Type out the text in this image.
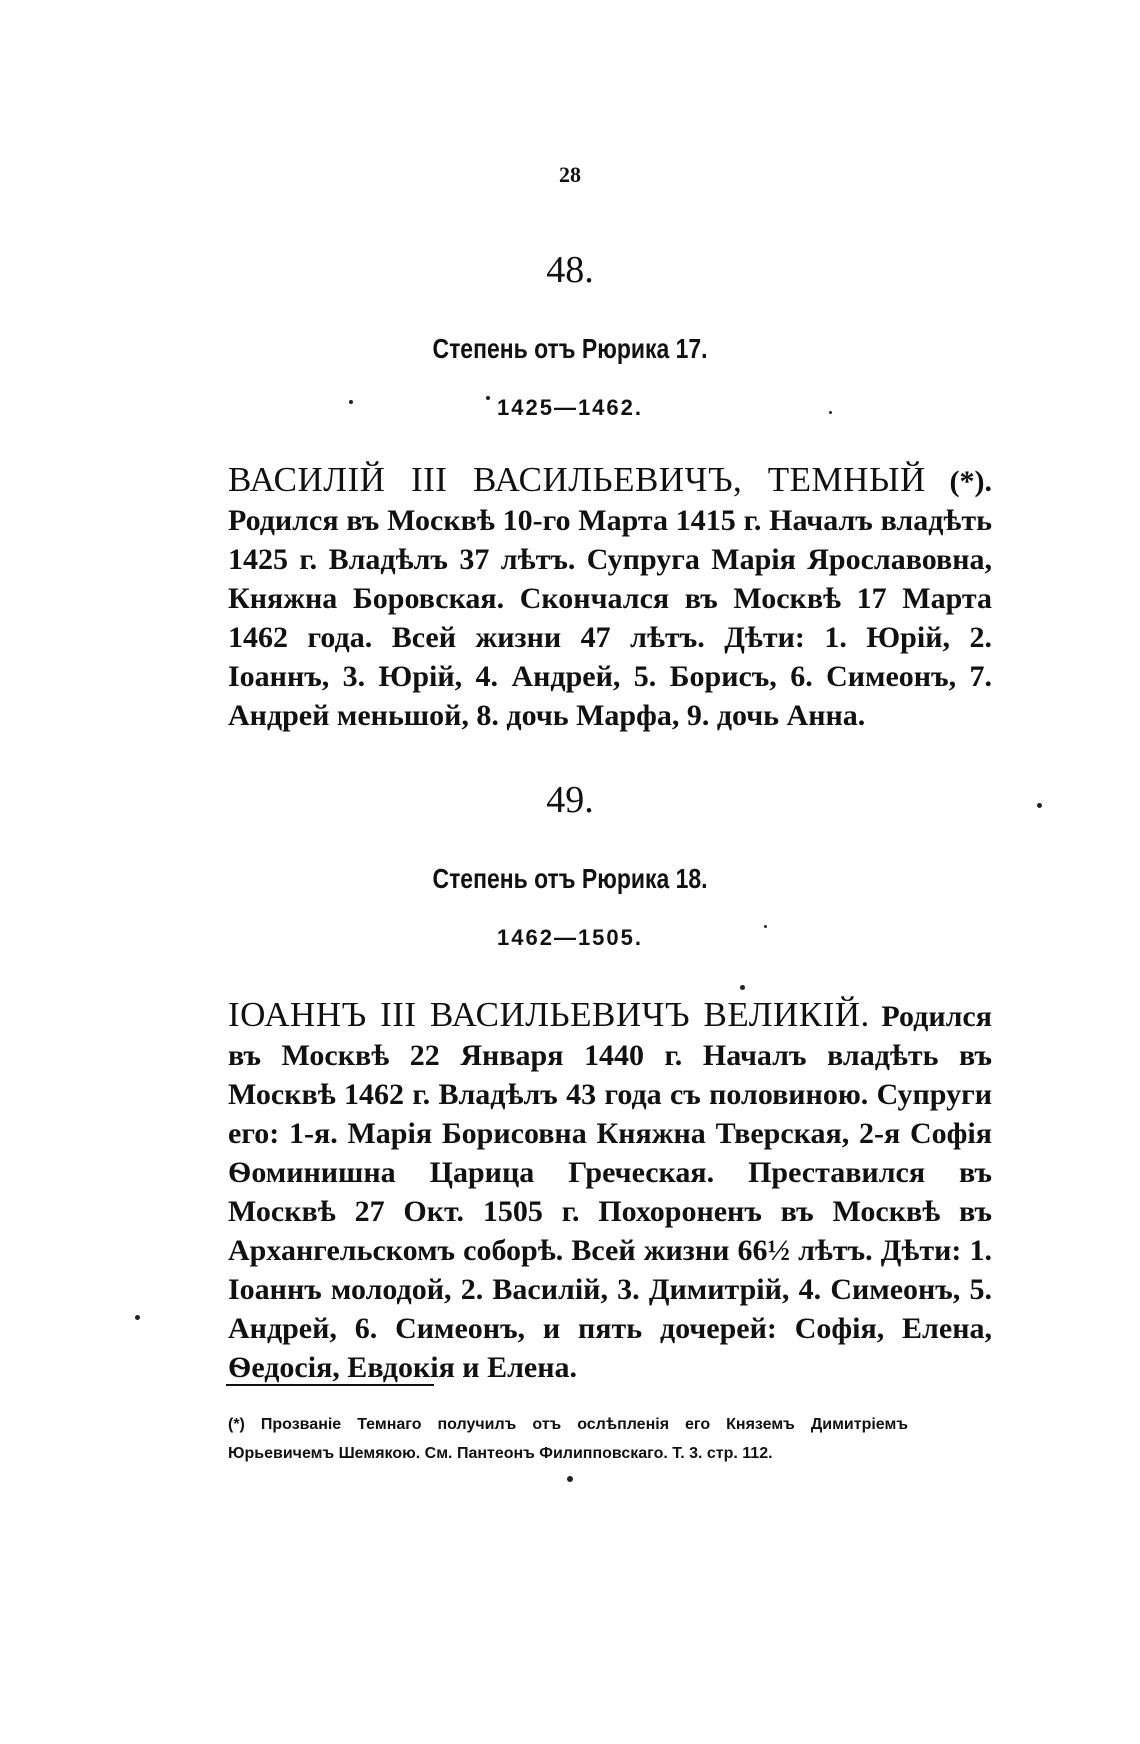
28
48.
Степень отъ Рюрика 17.
1425—1462.
ВАСИЛІЙ III ВАСИЛЬЕВИЧЪ, ТЕМНЫЙ (*). Родился въ Москвѣ 10-го Марта 1415 г. Началъ владѣть 1425 г. Владѣлъ 37 лѣтъ. Супруга Марія Ярославовна, Княжна Боровская. Скончался въ Москвѣ 17 Марта 1462 года. Всей жизни 47 лѣтъ. Дѣти: 1. Юрій, 2. Іоаннъ, 3. Юрій, 4. Андрей, 5. Борисъ, 6. Симеонъ, 7. Андрей меньшой, 8. дочь Марфа, 9. дочь Анна.
49.
Степень отъ Рюрика 18.
1462—1505.
ІОАННЪ III ВАСИЛЬЕВИЧЪ ВЕЛИКІЙ. Родился въ Москвѣ 22 Января 1440 г. Началъ владѣть въ Москвѣ 1462 г. Владѣлъ 43 года съ половиною. Супруги его: 1-я. Марія Борисовна Княжна Тверская, 2-я Софія Ѳоминишна Царица Греческая. Преставился въ Москвѣ 27 Окт. 1505 г. Похороненъ въ Москвѣ въ Архангельскомъ соборѣ. Всей жизни 66½ лѣтъ. Дѣти: 1. Іоаннъ молодой, 2. Василій, 3. Димитрій, 4. Симеонъ, 5. Андрей, 6. Симеонъ, и пять дочерей: Софія, Елена, Ѳедосія, Евдокія и Елена.
(*) Прозваніе Темнаго получилъ отъ ослѣпленія его Княземъ Димитріемъ Юрьевичемъ Шемякою. См. Пантеонъ Филипповскаго. Т. 3. стр. 112.
